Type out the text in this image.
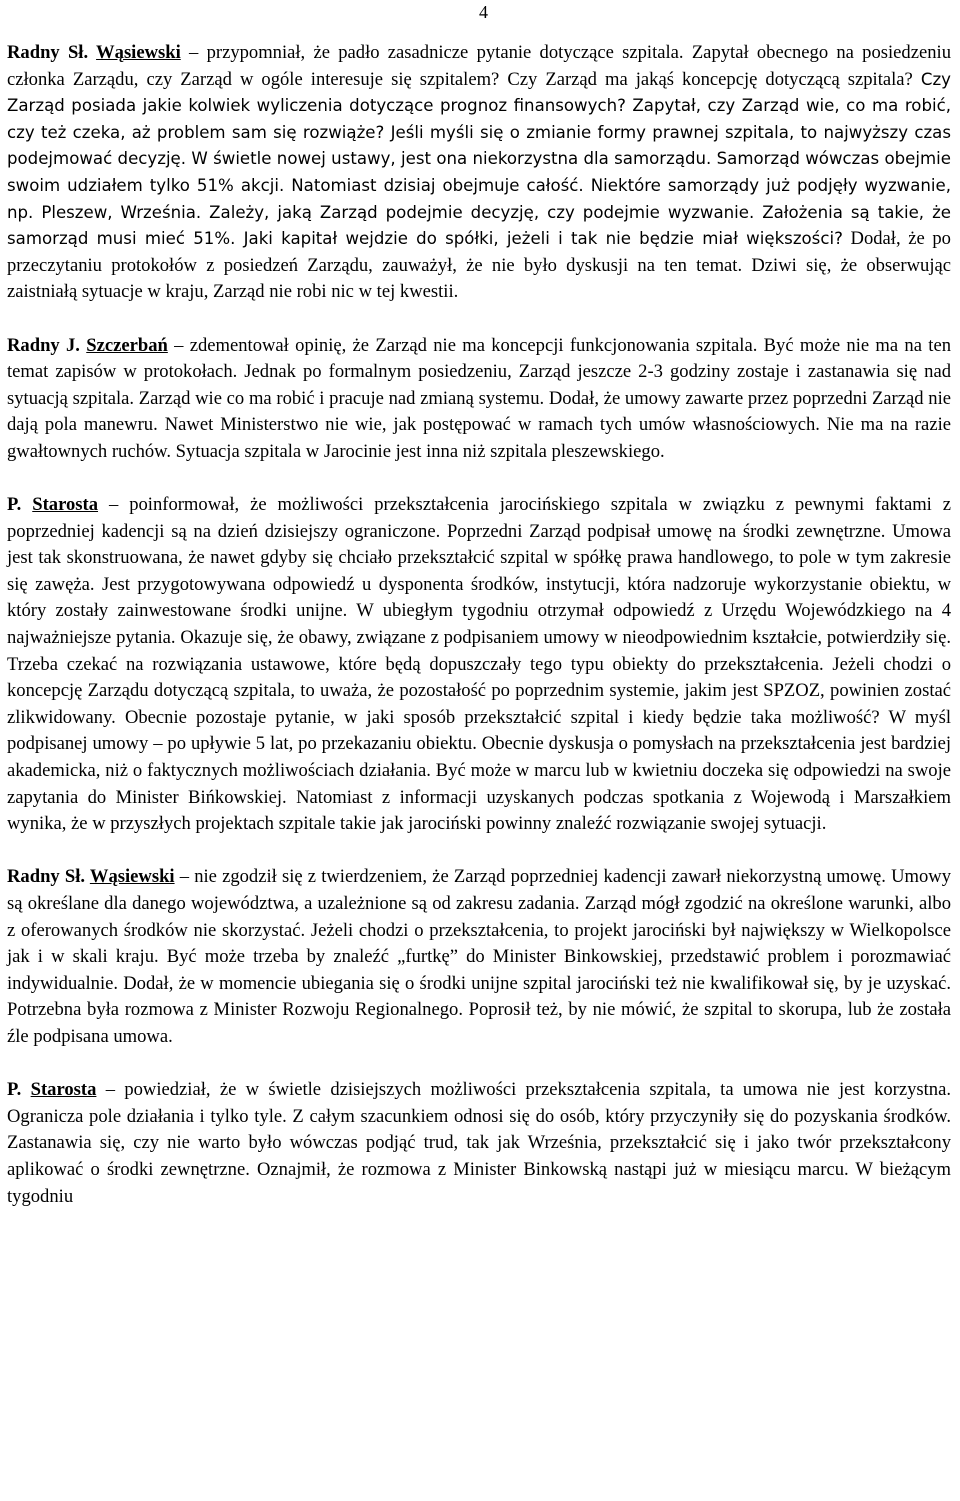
4

Radny Sł. Wąsiewski – przypomniał, że padło zasadnicze pytanie dotyczące szpitala. Zapytał obecnego na posiedzeniu członka Zarządu, czy Zarząd w ogóle interesuje się szpitalem? Czy Zarząd ma jakąś koncepcję dotyczącą szpitala? Czy Zarząd posiada jakie kolwiek wyliczenia dotyczące prognoz finansowych? Zapytał, czy Zarząd wie, co ma robić, czy też czeka, aż problem sam się rozwiąże? Jeśli myśli się o zmianie formy prawnej szpitala, to najwyższy czas podejmować decyzję. W świetle nowej ustawy, jest ona niekorzystna dla samorządu. Samorząd wówczas obejmie swoim udziałem tylko 51% akcji. Natomiast dzisiaj obejmuje całość. Niektóre samorządy już podjęły wyzwanie, np. Pleszew, Września. Zależy, jaką Zarząd podejmie decyzję, czy podejmie wyzwanie. Założenia są takie, że samorząd musi mieć 51%. Jaki kapitał wejdzie do spółki, jeżeli i tak nie będzie miał większości? Dodał, że po przeczytaniu protokołów z posiedzeń Zarządu, zauważył, że nie było dyskusji na ten temat. Dziwi się, że obserwując zaistniałą sytuacje w kraju, Zarząd nie robi nic w tej kwestii.

Radny J. Szczerbań – zdementował opinię, że Zarząd nie ma koncepcji funkcjonowania szpitala. Być może nie ma na ten temat zapisów w protokołach. Jednak po formalnym posiedzeniu, Zarząd jeszcze 2-3 godziny zostaje i zastanawia się nad sytuacją szpitala. Zarząd wie co ma robić i pracuje nad zmianą systemu. Dodał, że umowy zawarte przez poprzedni Zarząd nie dają pola manewru. Nawet Ministerstwo nie wie, jak postępować w ramach tych umów własnościowych. Nie ma na razie gwałtownych ruchów. Sytuacja szpitala w Jarocinie jest inna niż szpitala pleszewskiego.

P. Starosta – poinformował, że możliwości przekształcenia jarocińskiego szpitala w związku z pewnymi faktami z poprzedniej kadencji są na dzień dzisiejszy ograniczone. Poprzedni Zarząd podpisał umowę na środki zewnętrzne. Umowa jest tak skonstruowana, że nawet gdyby się chciało przekształcić szpital w spółkę prawa handlowego, to pole w tym zakresie się zawęża. Jest przygotowywana odpowiedź u dysponenta środków, instytucji, która nadzoruje wykorzystanie obiektu, w który zostały zainwestowane środki unijne. W ubiegłym tygodniu otrzymał odpowiedź z Urzędu Wojewódzkiego na 4 najważniejsze pytania. Okazuje się, że obawy, związane z podpisaniem umowy w nieodpowiednim kształcie, potwierdziły się. Trzeba czekać na rozwiązania ustawowe, które będą dopuszczały tego typu obiekty do przekształcenia. Jeżeli chodzi o koncepcję Zarządu dotyczącą szpitala, to uważa, że pozostałość po poprzednim systemie, jakim jest SPZOZ, powinien zostać zlikwidowany. Obecnie pozostaje pytanie, w jaki sposób przekształcić szpital i kiedy będzie taka możliwość? W myśl podpisanej umowy – po upływie 5 lat, po przekazaniu obiektu. Obecnie dyskusja o pomysłach na przekształcenia jest bardziej akademicka, niż o faktycznych możliwościach działania. Być może w marcu lub w kwietniu doczeka się odpowiedzi na swoje zapytania do Minister Bińkowskiej. Natomiast z informacji uzyskanych podczas spotkania z Wojewodą i Marszałkiem wynika, że w przyszłych projektach szpitale takie jak jarociński powinny znaleźć rozwiązanie swojej sytuacji.

Radny Sł. Wąsiewski – nie zgodził się z twierdzeniem, że Zarząd poprzedniej kadencji zawarł niekorzystną umowę. Umowy są określane dla danego województwa, a uzależnione są od zakresu zadania. Zarząd mógł zgodzić na określone warunki, albo z oferowanych środków nie skorzystać. Jeżeli chodzi o przekształcenia, to projekt jarociński był największy w Wielkopolsce jak i w skali kraju. Być może trzeba by znaleźć „furtkę” do Minister Binkowskiej, przedstawić problem i porozmawiać indywidualnie. Dodał, że w momencie ubiegania się o środki unijne szpital jarociński też nie kwalifikował się, by je uzyskać. Potrzebna była rozmowa z Minister Rozwoju Regionalnego. Poprosił też, by nie mówić, że szpital to skorupa, lub że została źle podpisana umowa.

P. Starosta – powiedział, że w świetle dzisiejszych możliwości przekształcenia szpitala, ta umowa nie jest korzystna. Ogranicza pole działania i tylko tyle. Z całym szacunkiem odnosi się do osób, który przyczyniły się do pozyskania środków. Zastanawia się, czy nie warto było wówczas podjąć trud, tak jak Września, przekształcić się i jako twór przekształcony aplikować o środki zewnętrzne. Oznajmił, że rozmowa z Minister Binkowską nastąpi już w miesiącu marcu. W bieżącym tygodniu
